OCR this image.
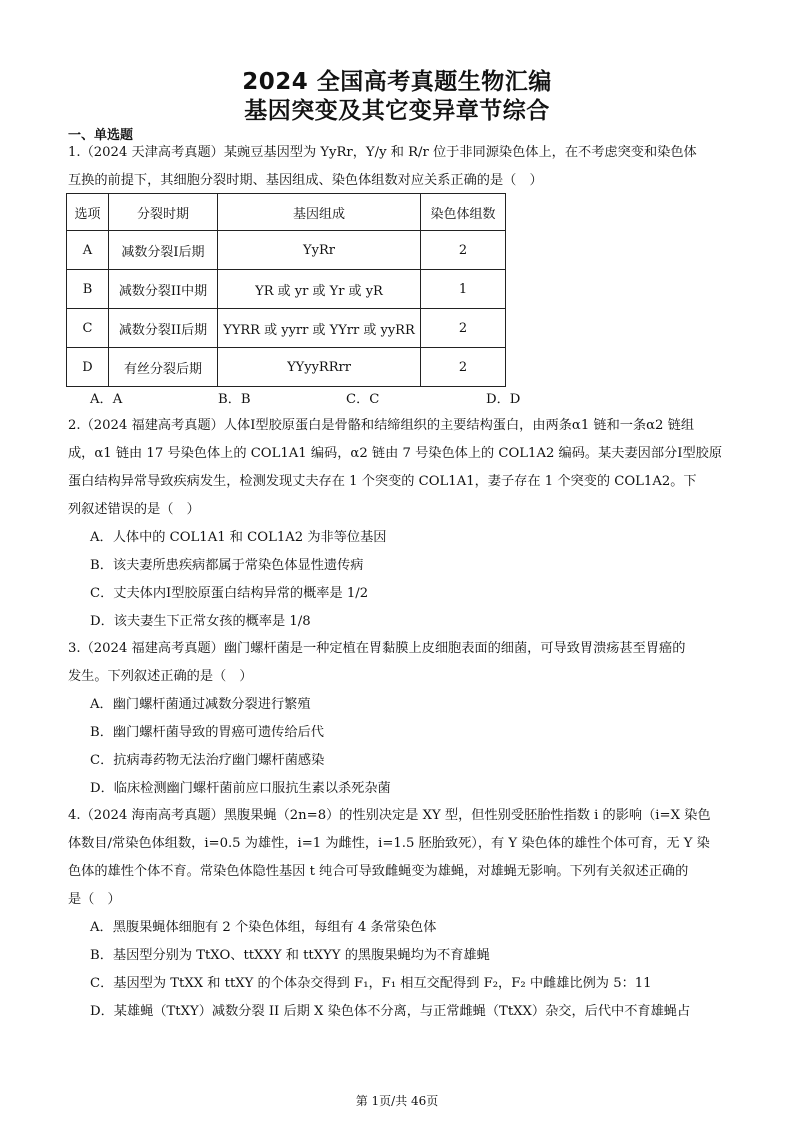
2024 全国高考真题生物汇编
基因突变及其它变异章节综合
一、单选题
1.（2024 天津高考真题）某豌豆基因型为 YyRr，Y/y 和 R/r 位于非同源染色体上，在不考虑突变和染色体
互换的前提下，其细胞分裂时期、基因组成、染色体组数对应关系正确的是（　）
选项	分裂时期	基因组成	染色体组数
A	减数分裂I后期	YyRr	2
B	减数分裂II中期	YR 或 yr 或 Yr 或 yR	1
C	减数分裂II后期	YYRR 或 yyrr 或 YYrr 或 yyRR	2
D	有丝分裂后期	YYyyRRrr	2
A．A	B．B	C．C	D．D
2.（2024 福建高考真题）人体I型胶原蛋白是骨骼和结缔组织的主要结构蛋白，由两条α1 链和一条α2 链组
成，α1 链由 17 号染色体上的 COL1A1 编码，α2 链由 7 号染色体上的 COL1A2 编码。某夫妻因部分I型胶原
蛋白结构异常导致疾病发生，检测发现丈夫存在 1 个突变的 COL1A1，妻子存在 1 个突变的 COL1A2。下
列叙述错误的是（　）
A．人体中的 COL1A1 和 COL1A2 为非等位基因
B．该夫妻所患疾病都属于常染色体显性遗传病
C．丈夫体内I型胶原蛋白结构异常的概率是 1/2
D．该夫妻生下正常女孩的概率是 1/8
3.（2024 福建高考真题）幽门螺杆菌是一种定植在胃黏膜上皮细胞表面的细菌，可导致胃溃疡甚至胃癌的
发生。下列叙述正确的是（　）
A．幽门螺杆菌通过减数分裂进行繁殖
B．幽门螺杆菌导致的胃癌可遗传给后代
C．抗病毒药物无法治疗幽门螺杆菌感染
D．临床检测幽门螺杆菌前应口服抗生素以杀死杂菌
4.（2024 海南高考真题）黑腹果蝇（2n=8）的性别决定是 XY 型，但性别受胚胎性指数 i 的影响（i=X 染色
体数目/常染色体组数，i=0.5 为雄性，i=1 为雌性，i=1.5 胚胎致死），有 Y 染色体的雄性个体可育，无 Y 染
色体的雄性个体不育。常染色体隐性基因 t 纯合可导致雌蝇变为雄蝇，对雄蝇无影响。下列有关叙述正确的
是（　）
A．黑腹果蝇体细胞有 2 个染色体组，每组有 4 条常染色体
B．基因型分别为 TtXO、ttXXY 和 ttXYY 的黑腹果蝇均为不育雄蝇
C．基因型为 TtXX 和 ttXY 的个体杂交得到 F₁，F₁ 相互交配得到 F₂，F₂ 中雌雄比例为 5：11
D．某雄蝇（TtXY）减数分裂 II 后期 X 染色体不分离，与正常雌蝇（TtXX）杂交，后代中不育雄蝇占
第 1页/共 46页
